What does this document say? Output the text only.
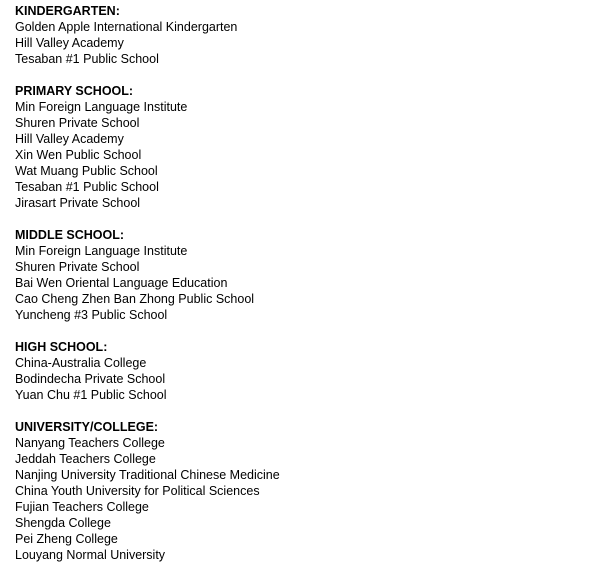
KINDERGARTEN:
Golden Apple International Kindergarten
Hill Valley Academy
Tesaban #1 Public School
PRIMARY SCHOOL:
Min Foreign Language Institute
Shuren Private School
Hill Valley Academy
Xin Wen Public School
Wat Muang Public School
Tesaban #1 Public School
Jirasart Private School
MIDDLE SCHOOL:
Min Foreign Language Institute
Shuren Private School
Bai Wen Oriental Language Education
Cao Cheng Zhen Ban Zhong Public School
Yuncheng #3 Public School
HIGH SCHOOL:
China-Australia College
Bodindecha Private School
Yuan Chu #1 Public School
UNIVERSITY/COLLEGE:
Nanyang Teachers College
Jeddah Teachers College
Nanjing University Traditional Chinese Medicine
China Youth University for Political Sciences
Fujian Teachers College
Shengda College
Pei Zheng College
Louyang Normal University
